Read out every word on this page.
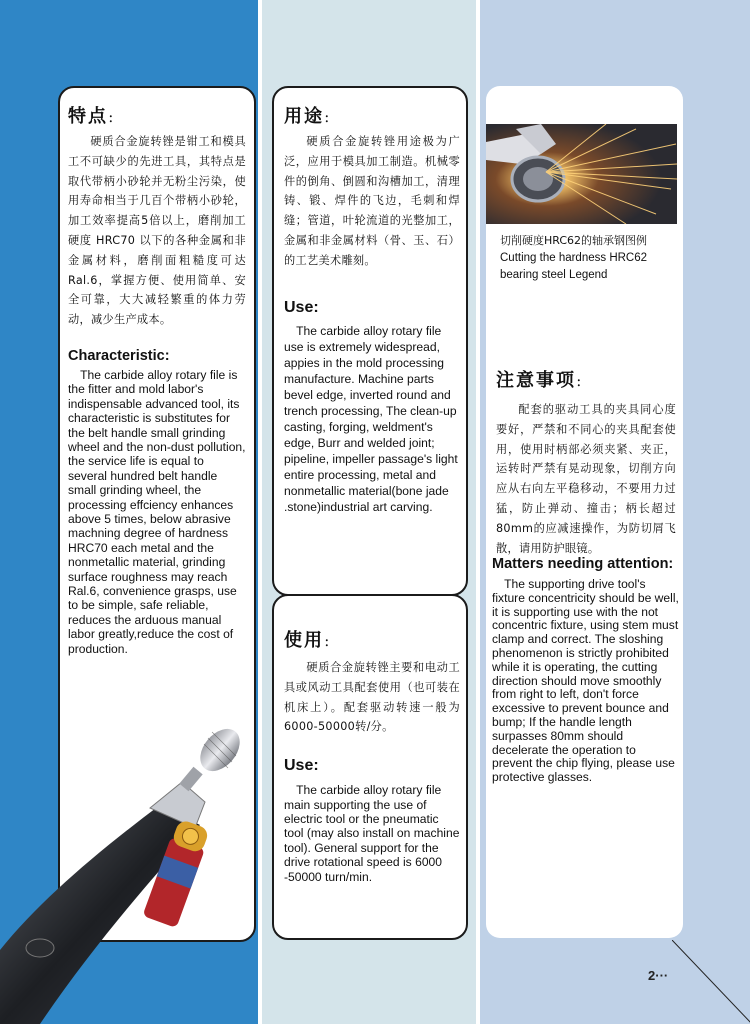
特点：

硬质合金旋转锉是钳工和模具工不可缺少的先进工具，其特点是取代带柄小砂轮并无粉尘污染，使用寿命相当于几百个带柄小砂轮，加工效率提高5倍以上，磨削加工硬度 HRC70 以下的各种金属和非金属材料，磨削面粗糙度可达 Ral.6，掌握方便、使用简单、安全可靠，大大减轻繁重的体力劳动，减少生产成本。

Characteristic:

The carbide alloy rotary file is the fitter and mold labor's indispensable advanced tool, its characteristic is substitutes for the belt handle small grinding wheel and the non-dust pollution, the service life is equal to several hundred belt handle small grinding wheel, the processing effciency enhances above 5 times, below abrasive machning degree of hardness HRC70 each metal and the nonmetallic material, grinding surface roughness may reach Ral.6, convenience grasps, use to be simple, safe reliable, reduces the arduous manual labor greatly,reduce the cost of production.

用途：

硬质合金旋转锉用途极为广泛，应用于模具加工制造。机械零件的倒角、倒圆和沟槽加工，清理铸、锻、焊件的飞边，毛刺和焊缝；管道，叶轮流道的光整加工，金属和非金属材料（骨、玉、石）的工艺美术雕刻。

Use:

The carbide alloy rotary file use is extremely widespread, appies in the mold processing manufacture. Machine parts bevel edge, inverted round and trench processing, The clean-up casting, forging, weldment's edge, Burr and welded joint; pipeline, impeller passage's light entire processing, metal and nonmetallic material(bone jade .stone)industrial art carving.

使用：

硬质合金旋转锉主要和电动工具或风动工具配套使用（也可装在机床上）。配套驱动转速一般为6000-50000转/分。

Use:

The carbide alloy rotary file main supporting the use of electric tool or the pneumatic tool (may also install on machine tool). General support for the drive rotational speed is 6000 -50000 turn/min.

切削硬度HRC62的轴承钢图例

Cutting the hardness HRC62

bearing steel Legend

注意事项：

配套的驱动工具的夹具同心度要好，严禁和不同心的夹具配套使用，使用时柄部必须夹紧、夹正，运转时严禁有晃动现象，切削方向应从右向左平稳移动，不要用力过猛，防止弹动、撞击；柄长超过 80mm的应减速操作，为防切屑飞散，请用防护眼镜。

Matters needing attention:

The supporting drive tool's fixture concentricity should be well, it is supporting use with the not concentric fixture, using stem must clamp and correct. The sloshing phenomenon is strictly prohibited while it is operating, the cutting direction should move smoothly from right to left, don't force excessive to prevent bounce and bump; If the handle length surpasses 80mm should decelerate the operation to prevent the chip flying, please use protective glasses.

2···
